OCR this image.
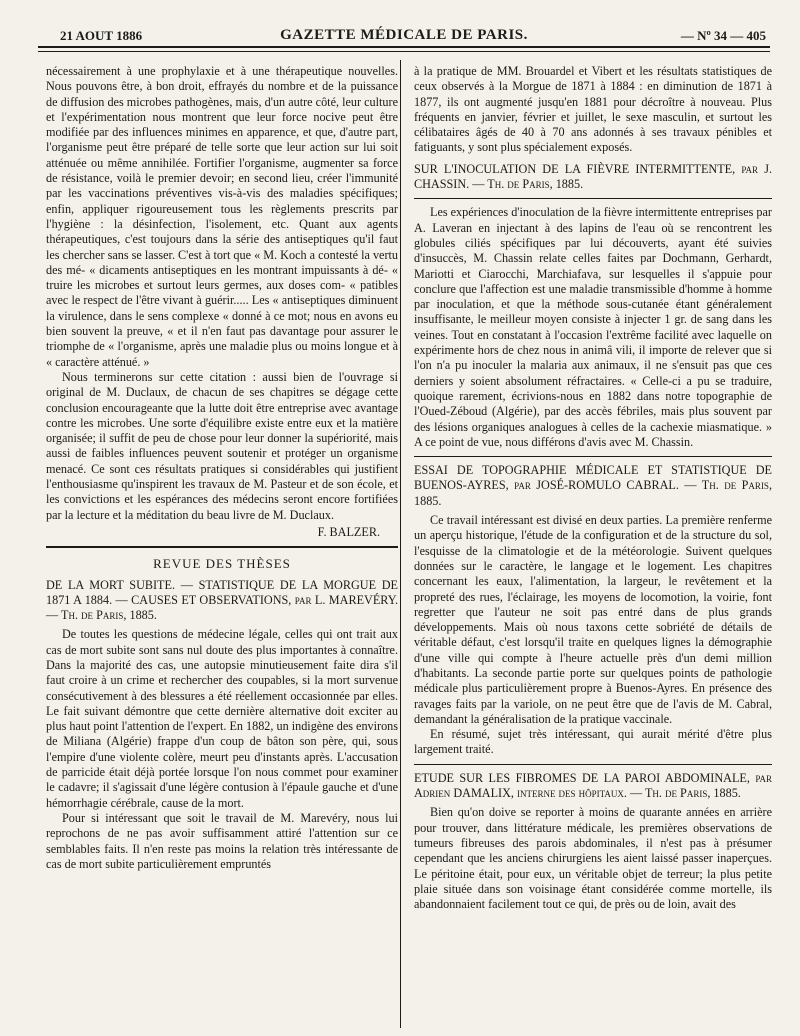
21 AOUT 1886	GAZETTE MÉDICALE DE PARIS.	— Nº 34 — 405

nécessairement à une prophylaxie et à une thérapeutique nouvelles. Nous pouvons être, à bon droit, effrayés du nombre et de la puissance de diffusion des microbes pathogènes, mais, d'un autre côté, leur culture et l'expérimentation nous montrent que leur force nocive peut être modifiée par des influences minimes en apparence, et que, d'autre part, l'organisme peut être préparé de telle sorte que leur action sur lui soit atténuée ou même annihilée. Fortifier l'organisme, augmenter sa force de résistance, voilà le premier devoir; en second lieu, créer l'immunité par les vaccinations préventives vis-à-vis des maladies spécifiques; enfin, appliquer rigoureusement tous les règlements prescrits par l'hygiène : la désinfection, l'isolement, etc. Quant aux agents thérapeutiques, c'est toujours dans la série des antiseptiques qu'il faut les chercher sans se lasser. C'est à tort que « M. Koch a contesté la vertu des mé- « dicaments antiseptiques en les montrant impuissants à dé- « truire les microbes et surtout leurs germes, aux doses com- « patibles avec le respect de l'être vivant à guérir..... Les « antiseptiques diminuent la virulence, dans le sens complexe « donné à ce mot; nous en avons eu bien souvent la preuve, « et il n'en faut pas davantage pour assurer le triomphe de « l'organisme, après une maladie plus ou moins longue et à « caractère atténué. »

Nous terminerons sur cette citation : aussi bien de l'ouvrage si original de M. Duclaux, de chacun de ses chapitres se dégage cette conclusion encourageante que la lutte doit être entreprise avec avantage contre les microbes. Une sorte d'équilibre existe entre eux et la matière organisée; il suffit de peu de chose pour leur donner la supériorité, mais aussi de faibles influences peuvent soutenir et protéger un organisme menacé. Ce sont ces résultats pratiques si considérables qui justifient l'enthousiasme qu'inspirent les travaux de M. Pasteur et de son école, et les convictions et les espérances des médecins seront encore fortifiées par la lecture et la méditation du beau livre de M. Duclaux.

F. BALZER.

REVUE DES THÈSES

DE LA MORT SUBITE. — STATISTIQUE DE LA MORGUE DE 1871 A 1884. — CAUSES ET OBSERVATIONS, par L. MAREVÉRY. — Th. de Paris, 1885.

De toutes les questions de médecine légale, celles qui ont trait aux cas de mort subite sont sans nul doute des plus importantes à connaître. Dans la majorité des cas, une autopsie minutieusement faite dira s'il faut croire à un crime et rechercher des coupables, si la mort survenue consécutivement à des blessures a été réellement occasionnée par elles. Le fait suivant démontre que cette dernière alternative doit exciter au plus haut point l'attention de l'expert. En 1882, un indigène des environs de Miliana (Algérie) frappe d'un coup de bâton son père, qui, sous l'empire d'une violente colère, meurt peu d'instants après. L'accusation de parricide était déjà portée lorsque l'on nous commet pour examiner le cadavre; il s'agissait d'une légère contusion à l'épaule gauche et d'une hémorrhagie cérébrale, cause de la mort.

Pour si intéressant que soit le travail de M. Marevéry, nous lui reprochons de ne pas avoir suffisamment attiré l'attention sur ce semblables faits. Il n'en reste pas moins la relation très intéressante de cas de mort subite particulièrement empruntés

à la pratique de MM. Brouardel et Vibert et les résultats statistiques de ceux observés à la Morgue de 1871 à 1884 : en diminution de 1871 à 1877, ils ont augmenté jusqu'en 1881 pour décroître à nouveau. Plus fréquents en janvier, février et juillet, le sexe masculin, et surtout les célibataires âgés de 40 à 70 ans adonnés à ses travaux pénibles et fatiguants, y sont plus spécialement exposés.

SUR L'INOCULATION DE LA FIÈVRE INTERMITTENTE, par J. CHASSIN. — Th. de Paris, 1885.

Les expériences d'inoculation de la fièvre intermittente entreprises par A. Laveran en injectant à des lapins de l'eau où se rencontrent les globules ciliés spécifiques par lui découverts, ayant été suivies d'insuccès, M. Chassin relate celles faites par Dochmann, Gerhardt, Mariotti et Ciarocchi, Marchiafava, sur lesquelles il s'appuie pour conclure que l'affection est une maladie transmissible d'homme à homme par inoculation, et que la méthode sous-cutanée étant généralement insuffisante, le meilleur moyen consiste à injecter 1 gr. de sang dans les veines. Tout en constatant à l'occasion l'extrême facilité avec laquelle on expérimente hors de chez nous in animâ vili, il importe de relever que si l'on n'a pu inoculer la malaria aux animaux, il ne s'ensuit pas que ces derniers y soient absolument réfractaires. « Celle-ci a pu se traduire, quoique rarement, écrivions-nous en 1882 dans notre topographie de l'Oued-Zéboud (Algérie), par des accès fébriles, mais plus souvent par des lésions organiques analogues à celles de la cachexie miasmatique. » A ce point de vue, nous différons d'avis avec M. Chassin.

ESSAI DE TOPOGRAPHIE MÉDICALE ET STATISTIQUE DE BUENOS-AYRES, par JOSÉ-ROMULO CABRAL. — Th. de Paris, 1885.

Ce travail intéressant est divisé en deux parties. La première renferme un aperçu historique, l'étude de la configuration et de la structure du sol, l'esquisse de la climatologie et de la météorologie. Suivent quelques données sur le caractère, le langage et le logement. Les chapitres concernant les eaux, l'alimentation, la largeur, le revêtement et la propreté des rues, l'éclairage, les moyens de locomotion, la voirie, font regretter que l'auteur ne soit pas entré dans de plus grands développements. Mais où nous taxons cette sobriété de détails de véritable défaut, c'est lorsqu'il traite en quelques lignes la démographie d'une ville qui compte à l'heure actuelle près d'un demi million d'habitants. La seconde partie porte sur quelques points de pathologie médicale plus particulièrement propre à Buenos-Ayres. En présence des ravages faits par la variole, on ne peut être que de l'avis de M. Cabral, demandant la généralisation de la pratique vaccinale.

En résumé, sujet très intéressant, qui aurait mérité d'être plus largement traité.

ETUDE SUR LES FIBROMES DE LA PAROI ABDOMINALE, par Adrien DAMALIX, interne des hôpitaux. — Th. de Paris, 1885.

Bien qu'on doive se reporter à moins de quarante années en arrière pour trouver, dans littérature médicale, les premières observations de tumeurs fibreuses des parois abdominales, il n'est pas à présumer cependant que les anciens chirurgiens les aient laissé passer inaperçues. Le péritoine était, pour eux, un véritable objet de terreur; la plus petite plaie située dans son voisinage étant considérée comme mortelle, ils abandonnaient facilement tout ce qui, de près ou de loin, avait des
